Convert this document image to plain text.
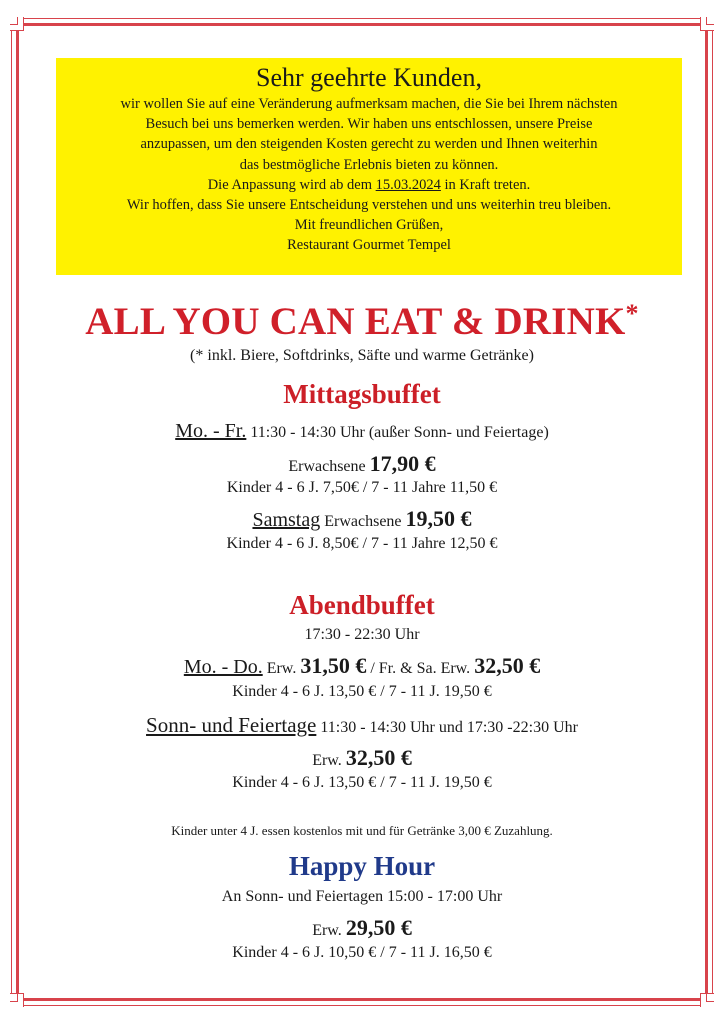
Sehr geehrte Kunden,
wir wollen Sie auf eine Veränderung aufmerksam machen, die Sie bei Ihrem nächsten
Besuch bei uns bemerken werden. Wir haben uns entschlossen, unsere Preise
anzupassen, um den steigenden Kosten gerecht zu werden und Ihnen weiterhin
das bestmögliche Erlebnis bieten zu können.
Die Anpassung wird ab dem 15.03.2024 in Kraft treten.
Wir hoffen, dass Sie unsere Entscheidung verstehen und uns weiterhin treu bleiben.
Mit freundlichen Grüßen,
Restaurant Gourmet Tempel
ALL YOU CAN EAT & DRINK*
(* inkl. Biere, Softdrinks, Säfte und warme Getränke)
Mittagsbuffet
Mo. - Fr. 11:30 - 14:30 Uhr (außer Sonn- und Feiertage)
Erwachsene 17,90 €
Kinder 4 - 6 J. 7,50€ / 7 - 11 Jahre 11,50 €
Samstag Erwachsene 19,50 €
Kinder 4 - 6 J. 8,50€ / 7 - 11 Jahre 12,50 €
Abendbuffet
17:30 - 22:30 Uhr
Mo. - Do. Erw. 31,50 € / Fr. & Sa. Erw. 32,50 €
Kinder 4 - 6 J. 13,50 € / 7 - 11 J. 19,50 €
Sonn- und Feiertage 11:30 - 14:30 Uhr und 17:30 -22:30 Uhr
Erw. 32,50 €
Kinder 4 - 6 J. 13,50 € / 7 - 11 J. 19,50 €
Kinder unter 4 J. essen kostenlos mit und für Getränke 3,00 € Zuzahlung.
Happy Hour
An Sonn- und Feiertagen 15:00 - 17:00 Uhr
Erw. 29,50 €
Kinder 4 - 6 J. 10,50 € / 7 - 11 J. 16,50 €
